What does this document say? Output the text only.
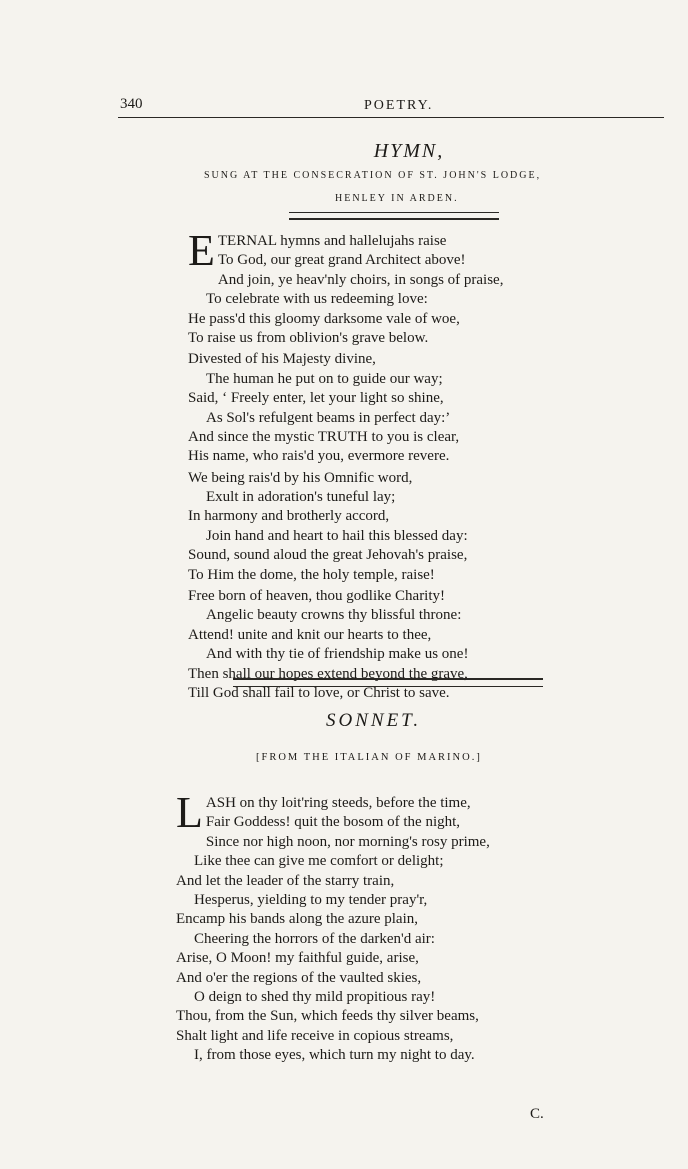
340	POETRY.
HYMN,
SUNG AT THE CONSECRATION OF ST. JOHN'S LODGE,
HENLEY IN ARDEN.
E TERNAL hymns and hallelujahs raise
To God, our great grand Architect above!
And join, ye heav'nly choirs, in songs of praise,
To celebrate with us redeeming love:
He pass'd this gloomy darksome vale of woe,
To raise us from oblivion's grave below.
Divested of his Majesty divine,
The human he put on to guide our way;
Said, ‘ Freely enter, let your light so shine,
As Sol's refulgent beams in perfect day:’
And since the mystic TRUTH to you is clear,
His name, who rais'd you, evermore revere.
We being rais'd by his Omnific word,
Exult in adoration's tuneful lay;
In harmony and brotherly accord,
Join hand and heart to hail this blessed day:
Sound, sound aloud the great Jehovah's praise,
To Him the dome, the holy temple, raise!
Free born of heaven, thou godlike Charity!
Angelic beauty crowns thy blissful throne:
Attend! unite and knit our hearts to thee,
And with thy tie of friendship make us one!
Then shall our hopes extend beyond the grave,
Till God shall fail to love, or Christ to save.
SONNET.
[FROM THE ITALIAN OF MARINO.]
L ASH on thy loit'ring steeds, before the time,
Fair Goddess! quit the bosom of the night,
Since nor high noon, nor morning's rosy prime,
Like thee can give me comfort or delight;
And let the leader of the starry train,
Hesperus, yielding to my tender pray'r,
Encamp his bands along the azure plain,
Cheering the horrors of the darken'd air:
Arise, O Moon! my faithful guide, arise,
And o'er the regions of the vaulted skies,
O deign to shed thy mild propitious ray!
Thou, from the Sun, which feeds thy silver beams,
Shalt light and life receive in copious streams,
I, from those eyes, which turn my night to day.
C.
